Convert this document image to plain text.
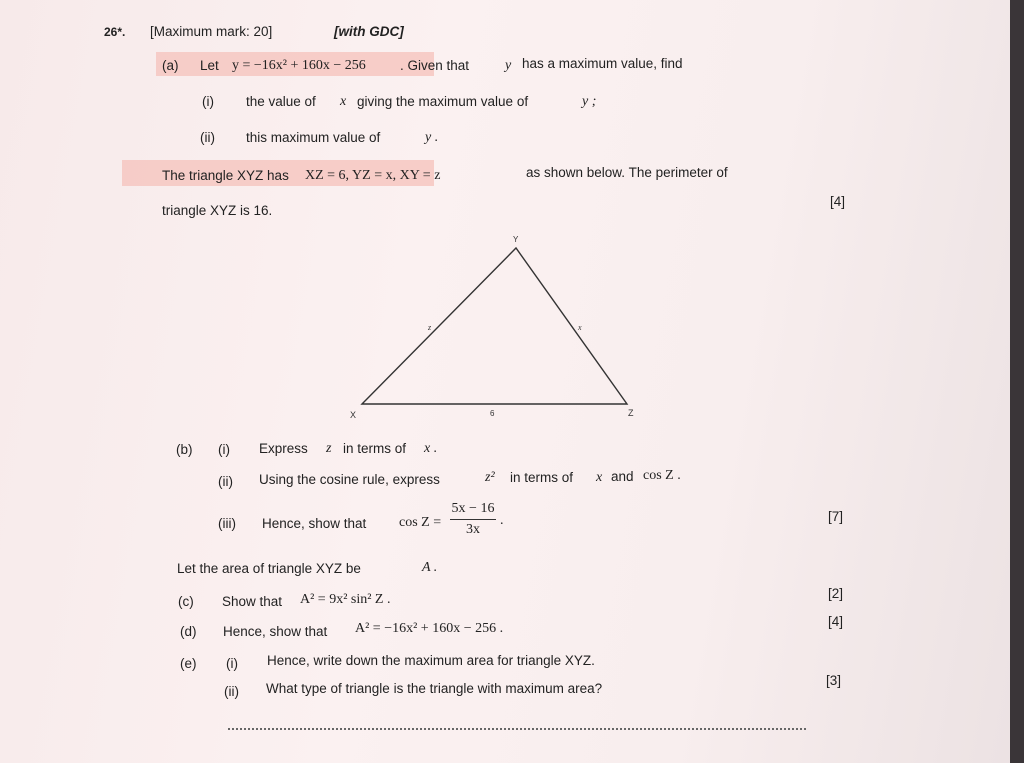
26*. [Maximum mark: 20]	[with GDC]
(a) Let y = −16x² + 160x − 256	. Given that	y has a maximum value, find
(i) the value of x giving the maximum value of	y ;
(ii) this maximum value of	y .
The triangle XYZ has XZ = 6, YZ = x, XY = z	as shown below. The perimeter of
triangle XYZ is 16.
[4]
Y
X	Z
z	x
6
(b) (i) Express z in terms of x .
(ii) Using the cosine rule, express	z² in terms of x and cos Z .
(iii) Hence, show that cos Z =
5x − 16
3x
.	[7]
Let the area of triangle XYZ be	A .
(c) Show that A² = 9x² sin² Z .	[2]
(d) Hence, show that A² = −16x² + 160x − 256 .	[4]
(e) (i) Hence, write down the maximum area for triangle XYZ.
(ii) What type of triangle is the triangle with maximum area?
[3]
